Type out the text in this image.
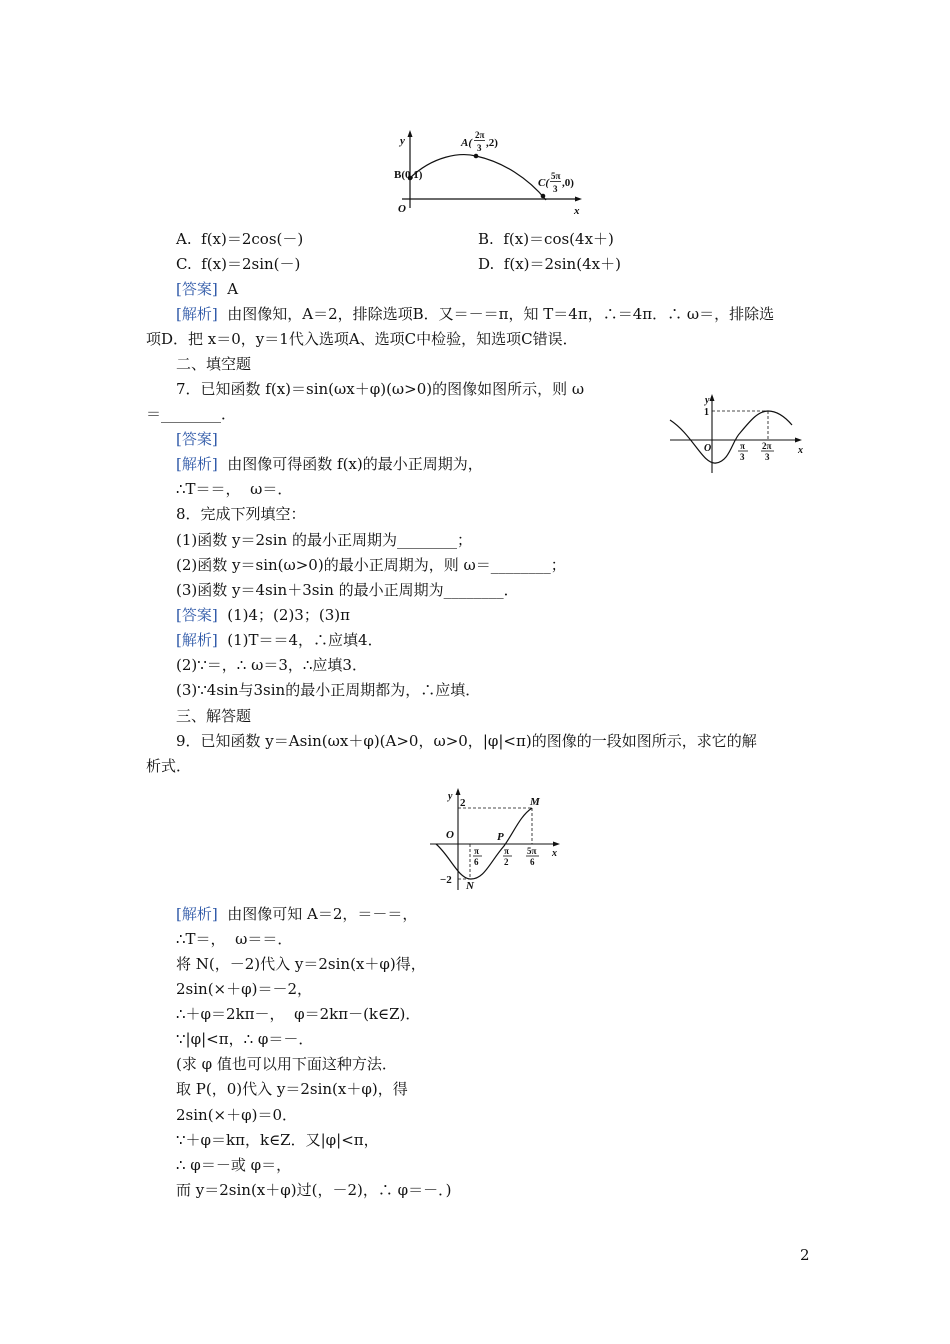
y
x
O
B(0,1)
A(
2π
3 ,2)
C(
5π
3 ,0)
y
x
O
1
π
3
2π
3
y
x
O
2
−2
M
N
P
π
6
π
2
5π
6
A.  f(x)＝2cos(－)	B.  f(x)＝cos(4x＋)
C.  f(x)＝2sin(－)	D.  f(x)＝2sin(4x＋)
[答案]  A
[解析]  由图像知，A＝2，排除选项B．又＝－＝π，知 T＝4π，∴＝4π．∴ ω＝，排除选
项D．把 x＝0，y＝1代入选项A、选项C中检验，知选项C错误．
二、填空题
7．已知函数 f(x)＝sin(ωx＋φ)(ω>0)的图像如图所示，则 ω
＝________．
[答案]
[解析]  由图像可得函数 f(x)的最小正周期为，
∴T＝＝，  ω＝．
8．完成下列填空：
(1)函数 y＝2sin 的最小正周期为________；
(2)函数 y＝sin(ω>0)的最小正周期为，则 ω＝________；
(3)函数 y＝4sin＋3sin 的最小正周期为________．
[答案]  (1)4；(2)3；(3)π
[解析]  (1)T＝＝4，∴应填4．
(2)∵＝，∴ ω＝3，∴应填3．
(3)∵4sin与3sin的最小正周期都为，∴应填．
三、解答题
9．已知函数 y＝Asin(ωx＋φ)(A>0，ω>0，|φ|<π)的图像的一段如图所示，求它的解
析式．
[解析]  由图像可知 A＝2，＝－＝，
∴T＝，  ω＝＝．
将 N(，－2)代入 y＝2sin(x＋φ)得，
2sin(×＋φ)＝－2，
∴＋φ＝2kπ－，  φ＝2kπ－(k∈Z)．
∵|φ|<π，∴ φ＝－．
(求 φ 值也可以用下面这种方法．
取 P(，0)代入 y＝2sin(x＋φ)，得
2sin(×＋φ)＝0．
∵＋φ＝kπ，k∈Z．又|φ|<π，
∴ φ＝－或 φ＝，
而 y＝2sin(x＋φ)过(，－2)，∴ φ＝－．)
2
